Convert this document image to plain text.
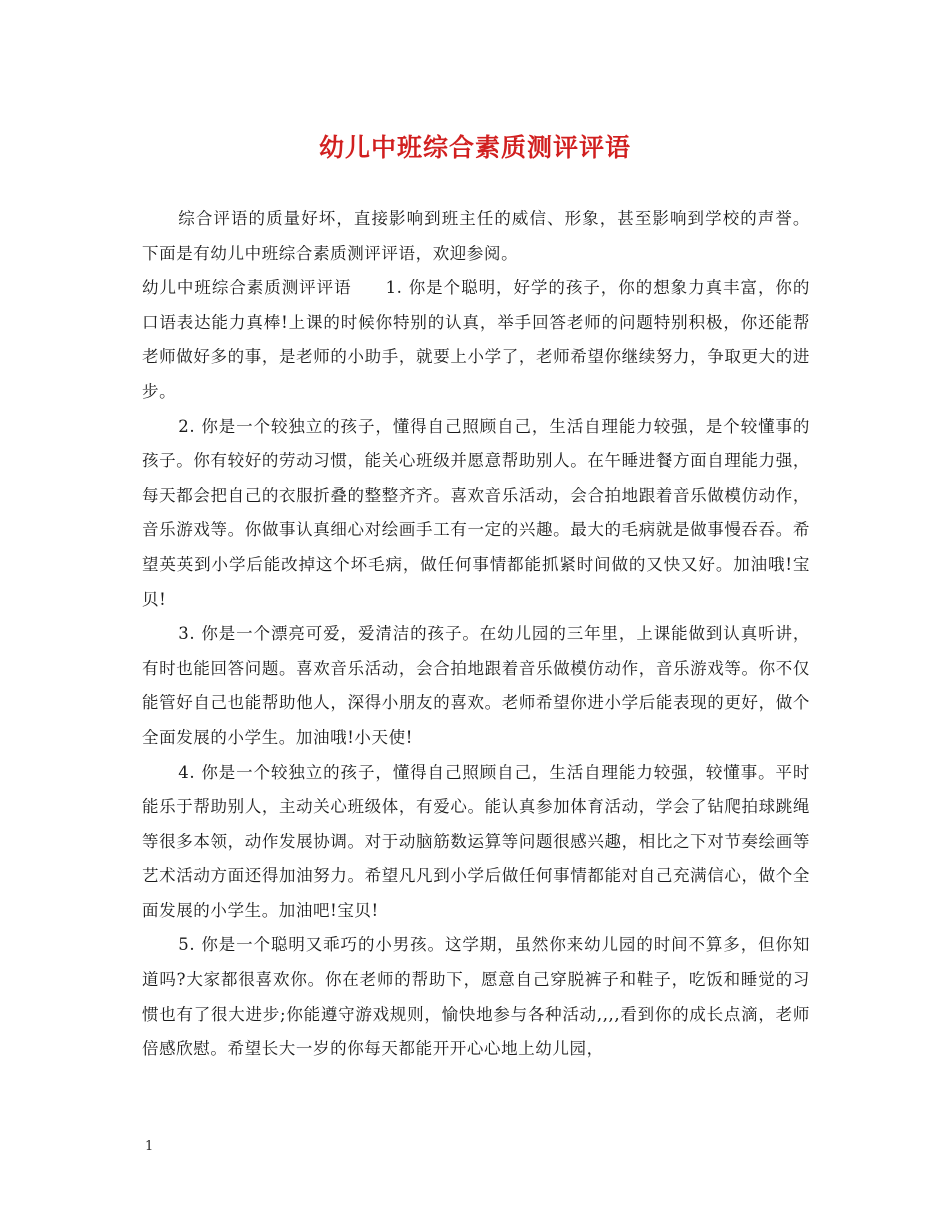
幼儿中班综合素质测评评语

综合评语的质量好坏，直接影响到班主任的威信、形象，甚至影响到学校的声誉。下面是有幼儿中班综合素质测评评语，欢迎参阅。

幼儿中班综合素质测评评语 1. 你是个聪明，好学的孩子，你的想象力真丰富，你的口语表达能力真棒!上课的时候你特别的认真，举手回答老师的问题特别积极，你还能帮老师做好多的事，是老师的小助手，就要上小学了，老师希望你继续努力，争取更大的进步。

2. 你是一个较独立的孩子，懂得自己照顾自己，生活自理能力较强，是个较懂事的孩子。你有较好的劳动习惯，能关心班级并愿意帮助别人。在午睡进餐方面自理能力强，每天都会把自己的衣服折叠的整整齐齐。喜欢音乐活动，会合拍地跟着音乐做模仿动作，音乐游戏等。你做事认真细心对绘画手工有一定的兴趣。最大的毛病就是做事慢吞吞。希望英英到小学后能改掉这个坏毛病，做任何事情都能抓紧时间做的又快又好。加油哦!宝贝!

3. 你是一个漂亮可爱，爱清洁的孩子。在幼儿园的三年里，上课能做到认真听讲，有时也能回答问题。喜欢音乐活动，会合拍地跟着音乐做模仿动作，音乐游戏等。你不仅能管好自己也能帮助他人，深得小朋友的喜欢。老师希望你进小学后能表现的更好，做个全面发展的小学生。加油哦!小天使!

4. 你是一个较独立的孩子，懂得自己照顾自己，生活自理能力较强，较懂事。平时能乐于帮助别人，主动关心班级体，有爱心。能认真参加体育活动，学会了钻爬拍球跳绳等很多本领，动作发展协调。对于动脑筋数运算等问题很感兴趣，相比之下对节奏绘画等艺术活动方面还得加油努力。希望凡凡到小学后做任何事情都能对自己充满信心，做个全面发展的小学生。加油吧!宝贝!

5. 你是一个聪明又乖巧的小男孩。这学期，虽然你来幼儿园的时间不算多，但你知道吗?大家都很喜欢你。你在老师的帮助下，愿意自己穿脱裤子和鞋子，吃饭和睡觉的习惯也有了很大进步;你能遵守游戏规则，愉快地参与各种活动,,,,看到你的成长点滴，老师倍感欣慰。希望长大一岁的你每天都能开开心心地上幼儿园，

1
